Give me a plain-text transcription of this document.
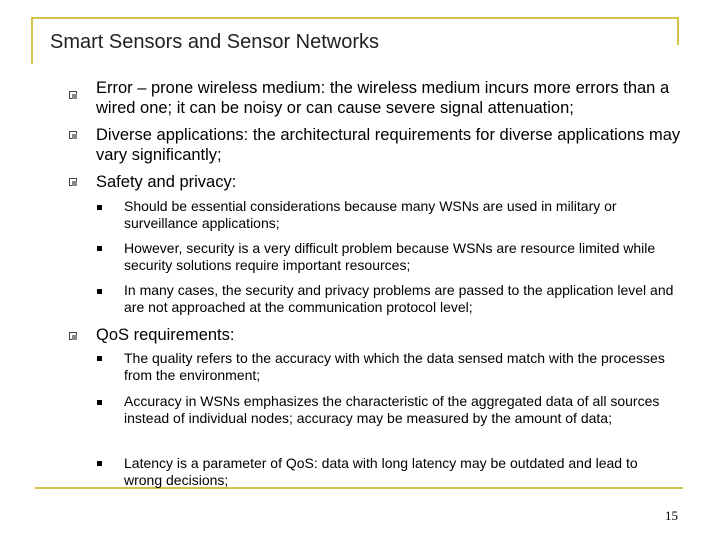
Smart Sensors and Sensor Networks
Error – prone wireless medium: the wireless medium incurs more errors than a wired one; it can be noisy or can cause severe signal attenuation;
Diverse applications: the architectural requirements for diverse applications may vary significantly;
Safety and privacy:
Should be essential considerations because many WSNs are used in military or surveillance applications;
However, security is a very difficult problem because WSNs are resource limited while security solutions require important resources;
In many cases, the security and privacy problems are passed to the application level and are not approached at the communication protocol level;
QoS requirements:
The quality refers to the accuracy with which the data sensed match with the processes from the environment;
Accuracy in WSNs emphasizes the characteristic of the aggregated data of all sources instead of individual nodes; accuracy may be measured by the amount of data;
Latency is a parameter of QoS: data with long latency may be outdated and lead to wrong decisions;
15
